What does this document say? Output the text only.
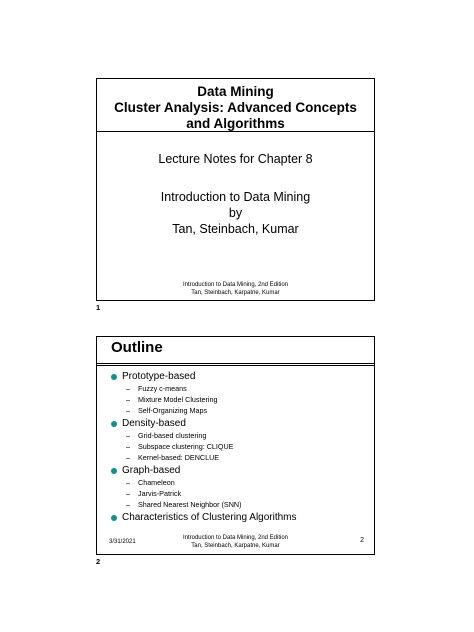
Data Mining
Cluster Analysis: Advanced Concepts
and Algorithms
Lecture Notes for Chapter 8
Introduction to Data Mining
by
Tan, Steinbach, Kumar
Introduction to Data Mining, 2nd Edition
Tan, Steinbach, Karpatne, Kumar
1
Outline
Prototype-based
–	Fuzzy c-means
–	Mixture Model Clustering
–	Self-Organizing Maps
Density-based
–	Grid-based clustering
–	Subspace clustering: CLIQUE
–	Kernel-based: DENCLUE
Graph-based
–	Chameleon
–	Jarvis-Patrick
–	Shared Nearest Neighbor (SNN)
Characteristics of Clustering Algorithms
3/31/2021
Introduction to Data Mining, 2nd Edition
Tan, Steinbach, Karpatne, Kumar
2
2
